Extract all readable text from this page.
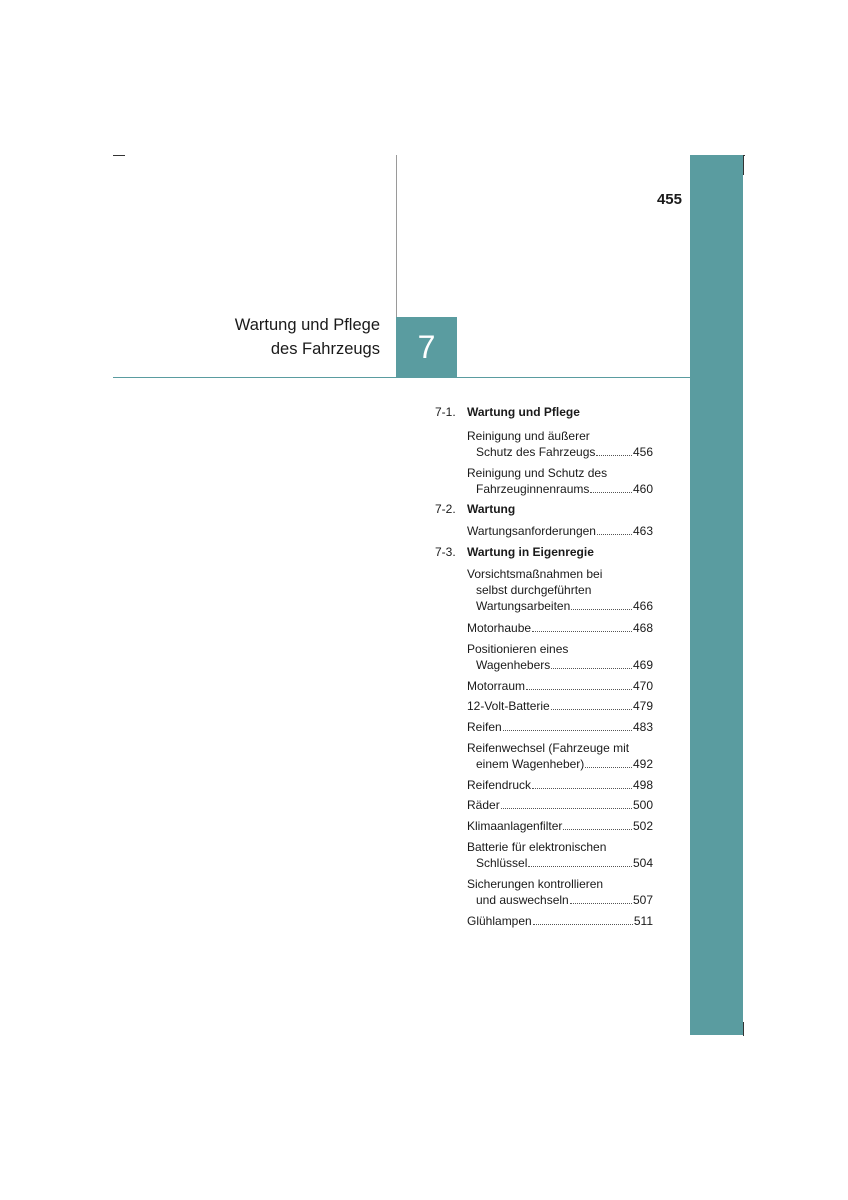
455
Wartung und Pflege
des Fahrzeugs	7
7-1. Wartung und Pflege
Reinigung und äußerer
Schutz des Fahrzeugs	456
Reinigung und Schutz des
Fahrzeuginnenraums	460
7-2. Wartung
Wartungsanforderungen	463
7-3. Wartung in Eigenregie
Vorsichtsmaßnahmen bei
selbst durchgeführten
Wartungsarbeiten	466
Motorhaube	468
Positionieren eines
Wagenhebers	469
Motorraum	470
12-Volt-Batterie	479
Reifen	483
Reifenwechsel (Fahrzeuge mit
einem Wagenheber)	492
Reifendruck	498
Räder	500
Klimaanlagenfilter	502
Batterie für elektronischen
Schlüssel	504
Sicherungen kontrollieren
und auswechseln	507
Glühlampen	511
